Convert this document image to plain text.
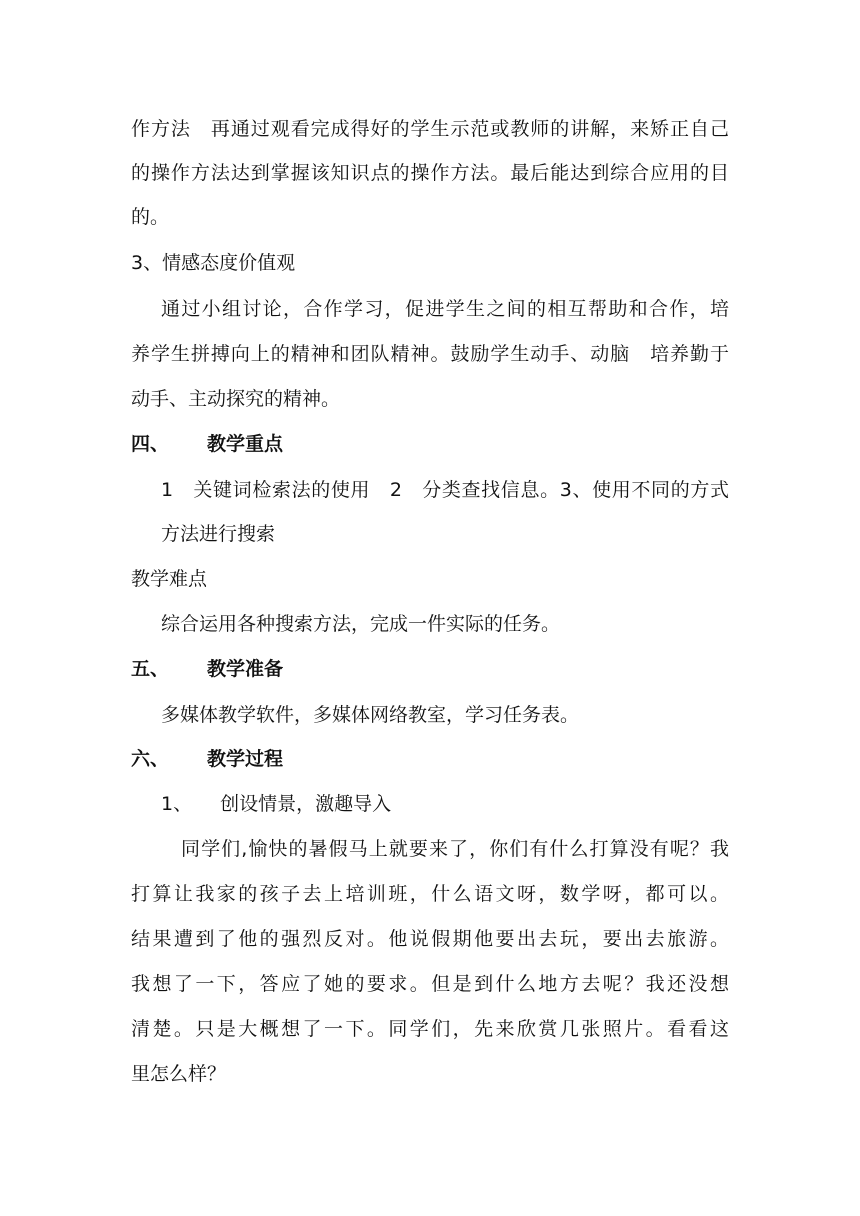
作方法　再通过观看完成得好的学生示范或教师的讲解，来矫正自己
的操作方法达到掌握该知识点的操作方法。最后能达到综合应用的目
的。
3、情感态度价值观
通过小组讨论，合作学习，促进学生之间的相互帮助和合作，培
养学生拼搏向上的精神和团队精神。鼓励学生动手、动脑　培养勤于
动手、主动探究的精神。
四、 教学重点
1　关键词检索法的使用　2　分类查找信息。3、使用不同的方式
方法进行搜索
教学难点
综合运用各种搜索方法，完成一件实际的任务。
五、 教学准备
多媒体教学软件，多媒体网络教室，学习任务表。
六、 教学过程
1、 创设情景，激趣导入
同学们,愉快的暑假马上就要来了，你们有什么打算没有呢？我
打算让我家的孩子去上培训班，什么语文呀，数学呀，都可以。
结果遭到了他的强烈反对。他说假期他要出去玩，要出去旅游。
我想了一下，答应了她的要求。但是到什么地方去呢？我还没想
清楚。只是大概想了一下。同学们，先来欣赏几张照片。看看这
里怎么样？
